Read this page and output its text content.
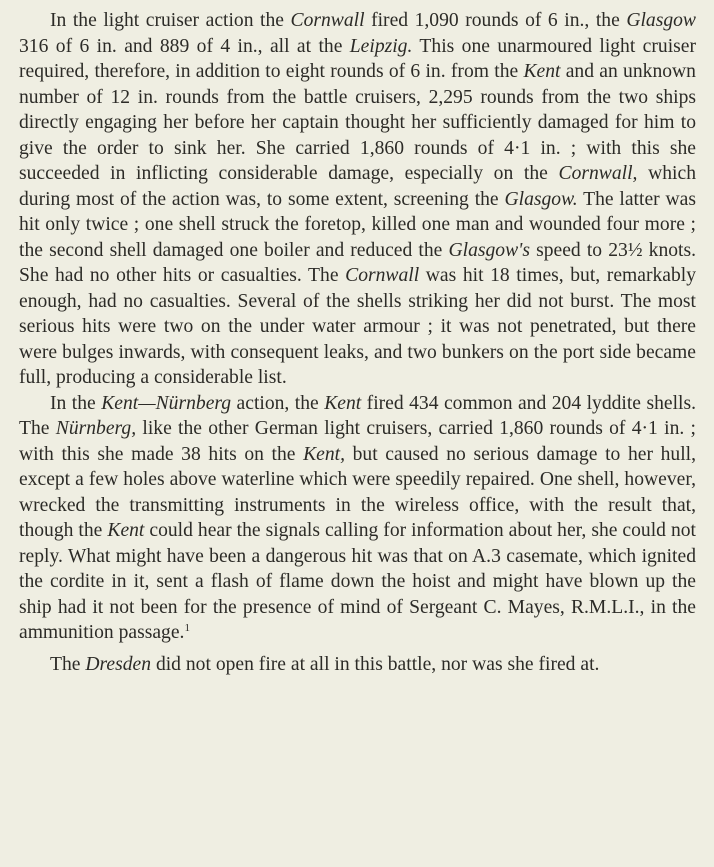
In the light cruiser action the Cornwall fired 1,090 rounds of 6 in., the Glasgow 316 of 6 in. and 889 of 4 in., all at the Leipzig. This one unarmoured light cruiser required, therefore, in addition to eight rounds of 6 in. from the Kent and an unknown number of 12 in. rounds from the battle cruisers, 2,295 rounds from the two ships directly engaging her before her captain thought her sufficiently damaged for him to give the order to sink her. She carried 1,860 rounds of 4·1 in. ; with this she succeeded in inflicting considerable damage, especially on the Cornwall, which during most of the action was, to some extent, screening the Glasgow. The latter was hit only twice ; one shell struck the foretop, killed one man and wounded four more ; the second shell damaged one boiler and reduced the Glasgow's speed to 23½ knots. She had no other hits or casualties. The Cornwall was hit 18 times, but, remarkably enough, had no casualties. Several of the shells striking her did not burst. The most serious hits were two on the under water armour ; it was not penetrated, but there were bulges inwards, with consequent leaks, and two bunkers on the port side became full, producing a considerable list.

In the Kent—Nürnberg action, the Kent fired 434 common and 204 lyddite shells. The Nürnberg, like the other German light cruisers, carried 1,860 rounds of 4·1 in. ; with this she made 38 hits on the Kent, but caused no serious damage to her hull, except a few holes above waterline which were speedily repaired. One shell, however, wrecked the transmitting instruments in the wireless office, with the result that, though the Kent could hear the signals calling for information about her, she could not reply. What might have been a dangerous hit was that on A.3 casemate, which ignited the cordite in it, sent a flash of flame down the hoist and might have blown up the ship had it not been for the presence of mind of Sergeant C. Mayes, R.M.L.I., in the ammunition passage.$^1$

The Dresden did not open fire at all in this battle, nor was she fired at.
